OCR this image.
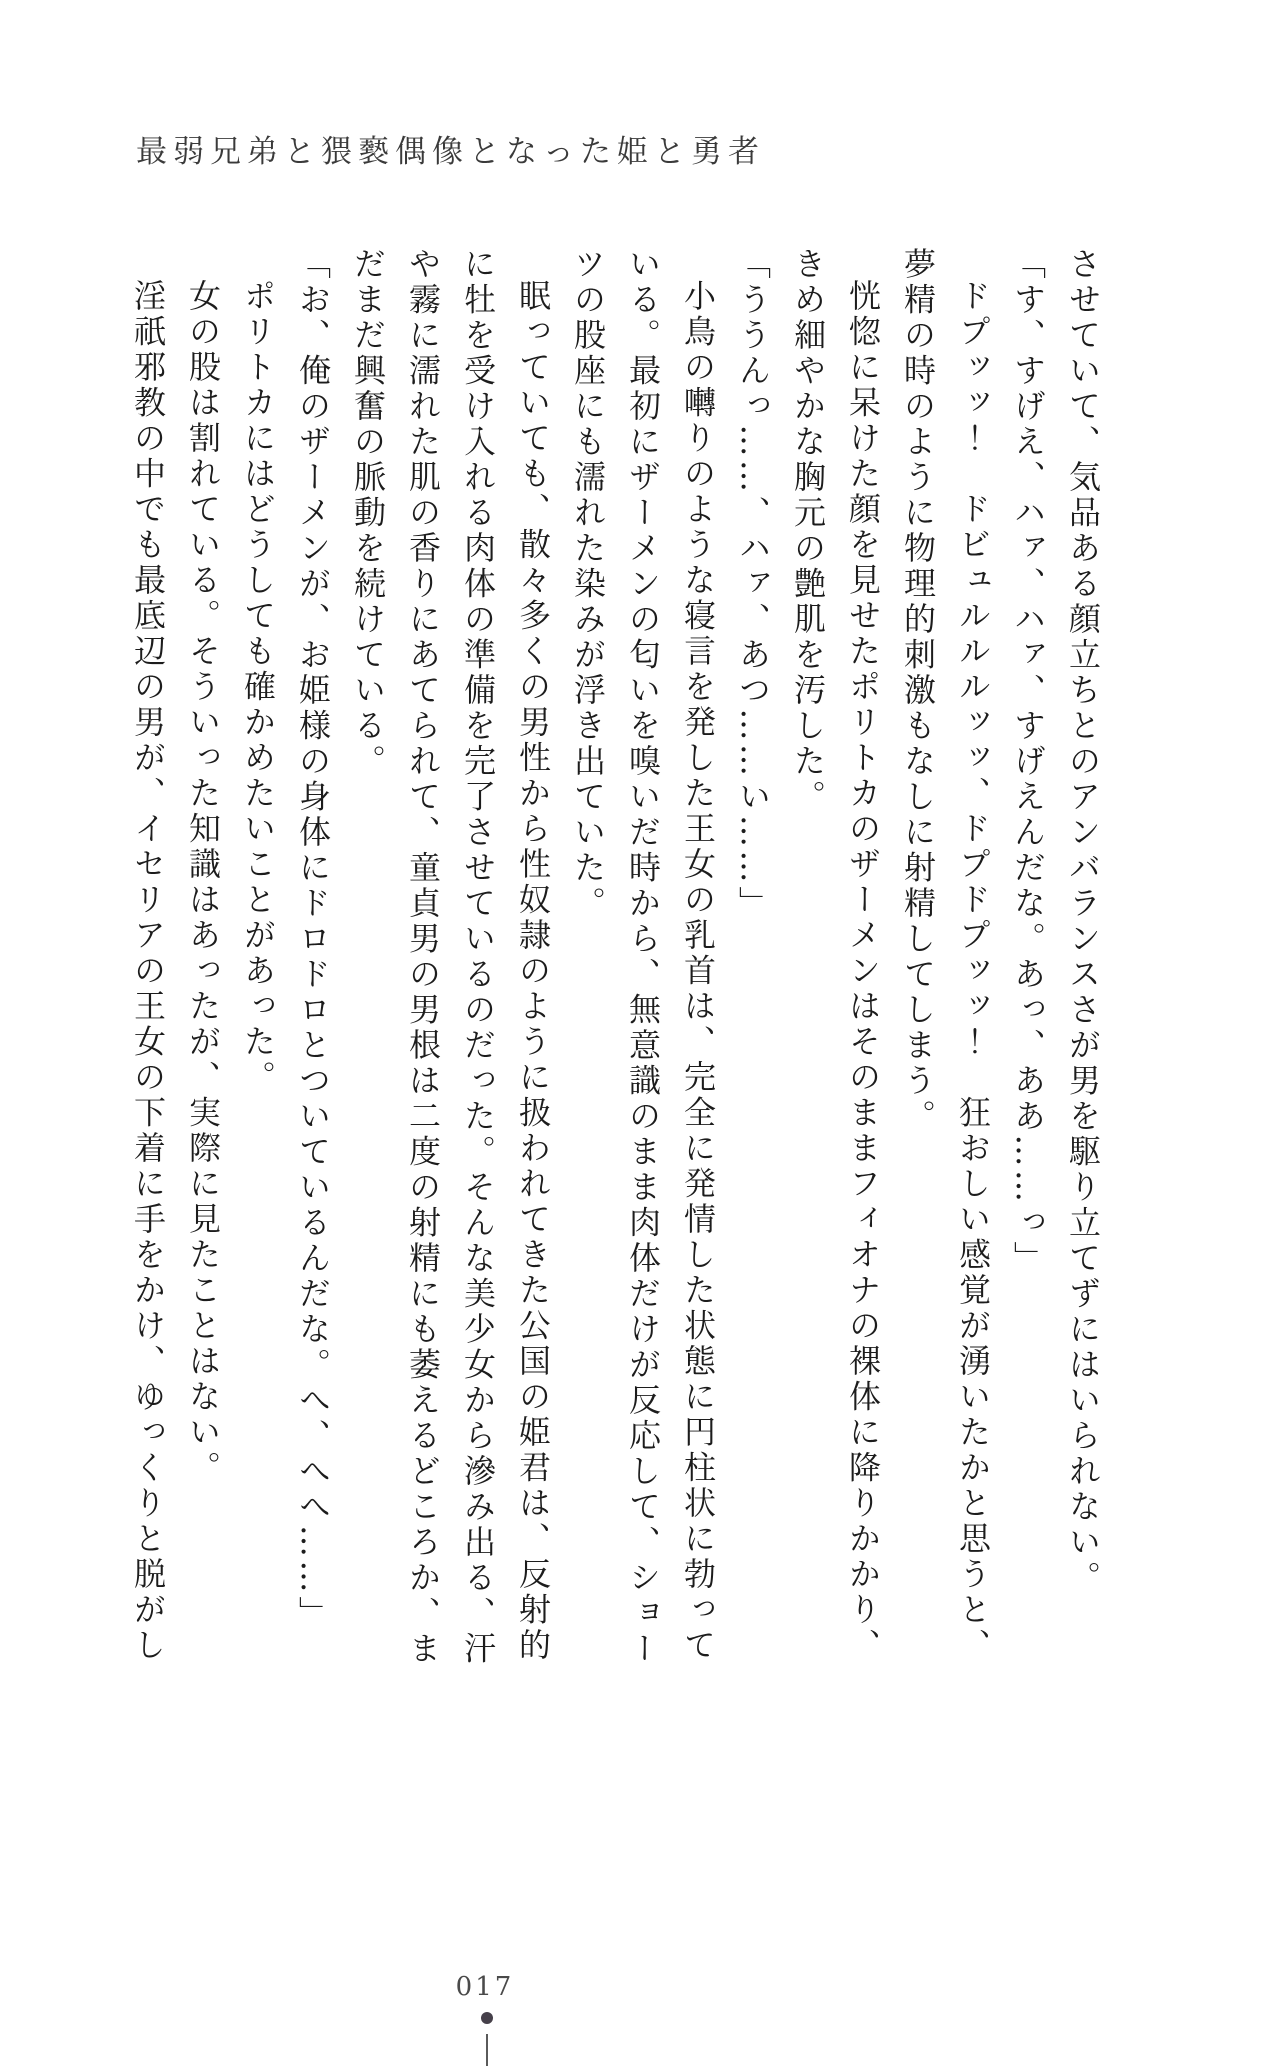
最弱兄弟と猥褻偶像となった姫と勇者

させていて、気品ある顔立ちとのアンバランスさが男を駆り立てずにはいられない。

「す、すげえ、ハァ、ハァ、すげえんだな。あっ、ああ……っ」

ドプッッ！　ドビュルルルッッ、ドプドプッッ！　狂おしい感覚が湧いたかと思うと、夢精の時のように物理的刺激もなしに射精してしまう。

恍惚に呆けた顔を見せたポリトカのザーメンはそのままフィオナの裸体に降りかかり、きめ細やかな胸元の艶肌を汚した。

「ううんっ……、ハァ、あつ……い……」

小鳥の囀りのような寝言を発した王女の乳首は、完全に発情した状態に円柱状に勃っている。最初にザーメンの匂いを嗅いだ時から、無意識のまま肉体だけが反応して、ショーツの股座にも濡れた染みが浮き出ていた。

眠っていても、散々多くの男性から性奴隷のように扱われてきた公国の姫君は、反射的に牡を受け入れる肉体の準備を完了させているのだった。そんな美少女から滲み出る、汗や霧に濡れた肌の香りにあてられて、童貞男の男根は二度の射精にも萎えるどころか、まだまだ興奮の脈動を続けている。

「お、俺のザーメンが、お姫様の身体にドロドロとついているんだな。へ、へへ……」

ポリトカにはどうしても確かめたいことがあった。

女の股は割れている。そういった知識はあったが、実際に見たことはない。

淫祇邪教の中でも最底辺の男が、イセリアの王女の下着に手をかけ、ゆっくりと脱がし

017
